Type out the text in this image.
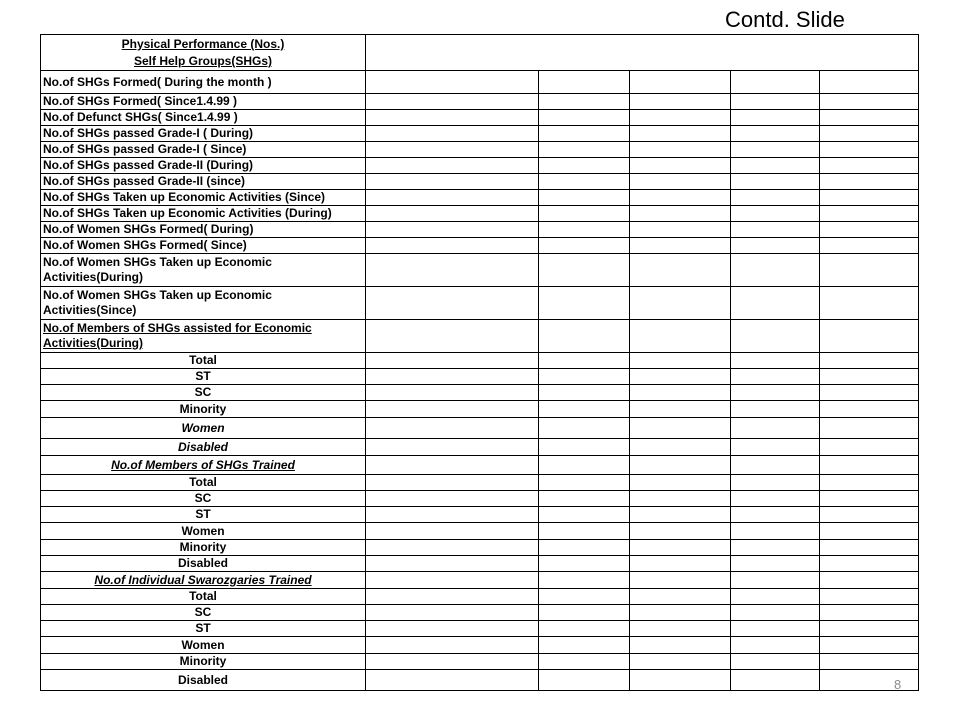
Contd. Slide
Physical Performance (Nos.)
Self Help Groups(SHGs)					

No.of SHGs Formed( During the month )					
No.of SHGs Formed( Since1.4.99 )					
No.of Defunct SHGs( Since1.4.99 )					
No.of SHGs passed Grade-I ( During)					
No.of SHGs passed Grade-I ( Since)					
No.of SHGs passed Grade-II (During)					
No.of SHGs passed Grade-II (since)					
No.of SHGs Taken up Economic Activities (Since)					
No.of SHGs Taken up Economic Activities (During)					
No.of Women SHGs Formed( During)					
No.of Women SHGs Formed( Since)					
No.of Women SHGs Taken up Economic Activities(During)					
No.of Women SHGs Taken up Economic Activities(Since)					
No.of Members of SHGs assisted for Economic Activities(During)					
Total					
ST					
SC					
Minority					
Women					
Disabled					
No.of Members of SHGs Trained					
Total					
SC					
ST					
Women					
Minority					
Disabled					
No.of Individual Swarozgaries Trained					
Total					
SC					
ST					
Women					
Minority					
Disabled						8
